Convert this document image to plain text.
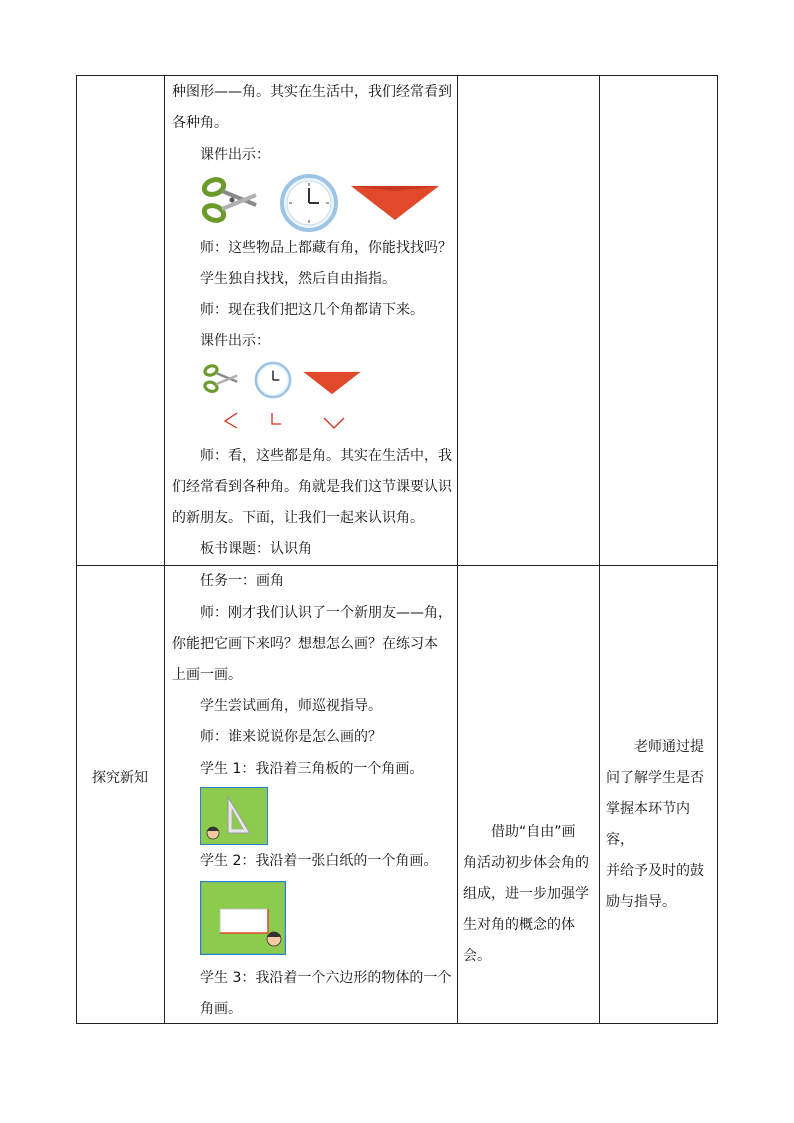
种图形——角。其实在生活中，我们经常看到
各种角。
课件出示：
师：这些物品上都藏有角，你能找找吗？
学生独自找找，然后自由指指。
师：现在我们把这几个角都请下来。
课件出示：
师：看，这些都是角。其实在生活中，我
们经常看到各种角。角就是我们这节课要认识
的新朋友。下面，让我们一起来认识角。
板书课题：认识角
探究新知
任务一：画角
师：刚才我们认识了一个新朋友——角，
你能把它画下来吗？想想怎么画？在练习本
上画一画。
学生尝试画角，师巡视指导。
师：谁来说说你是怎么画的？
学生 1：我沿着三角板的一个角画。
学生 2：我沿着一张白纸的一个角画。
学生 3：我沿着一个六边形的物体的一个
角画。
借助“自由”画
角活动初步体会角的
组成，进一步加强学
生对角的概念的体会。
老师通过提
问了解学生是否
掌握本环节内容，
并给予及时的鼓
励与指导。
